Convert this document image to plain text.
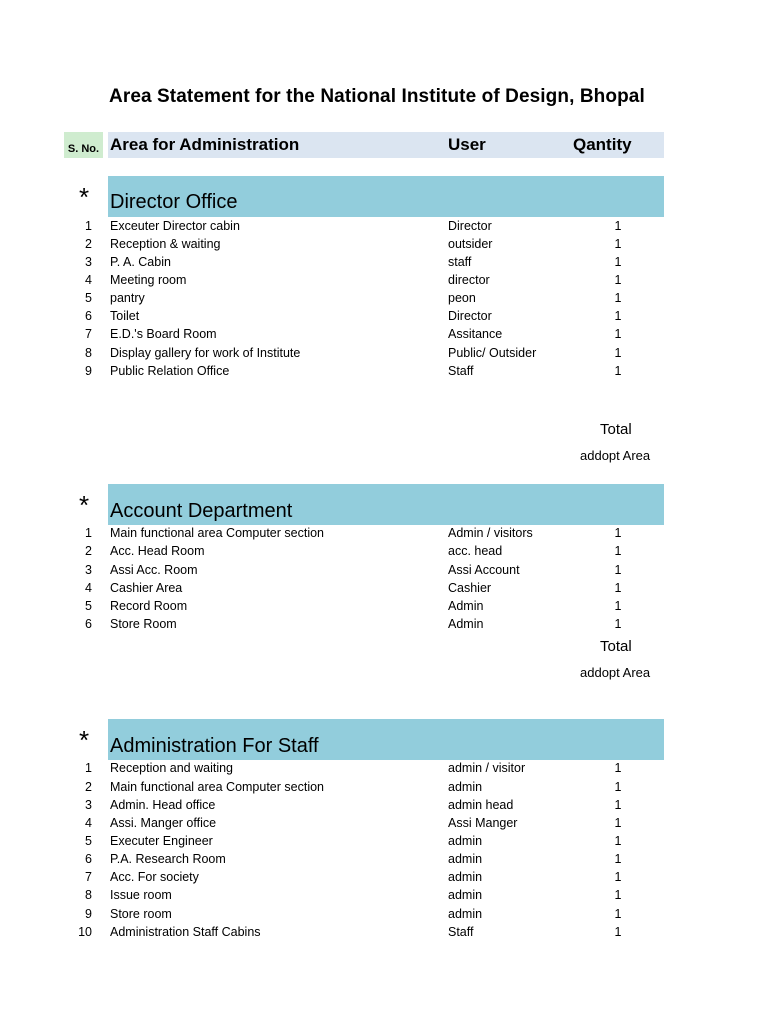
Area Statement for the National Institute of Design, Bhopal
S. No. Area for Administration	User	Qantity
* Director Office
1 Exceuter Director cabin	Director	1
2 Reception & waiting	outsider	1
3 P. A. Cabin	staff	1
4 Meeting room	director	1
5 pantry	peon	1
6 Toilet	Director	1
7 E.D.'s Board Room	Assitance	1
8 Display gallery for work of Institute	Public/ Outsider	1
9 Public Relation Office	Staff	1
Total
addopt Area
* Account Department
1 Main functional area Computer section	Admin / visitors	1
2 Acc. Head Room	acc. head	1
3 Assi Acc. Room	Assi Account	1
4 Cashier Area	Cashier	1
5 Record Room	Admin	1
6 Store Room	Admin	1
Total
addopt Area
* Administration For Staff
1 Reception and waiting	admin / visitor	1
2 Main functional area Computer section	admin	1
3 Admin. Head office	admin head	1
4 Assi. Manger office	Assi Manger	1
5 Executer Engineer	admin	1
6 P.A. Research Room	admin	1
7 Acc. For society	admin	1
8 Issue room	admin	1
9 Store room	admin	1
10 Administration Staff Cabins	Staff	1
